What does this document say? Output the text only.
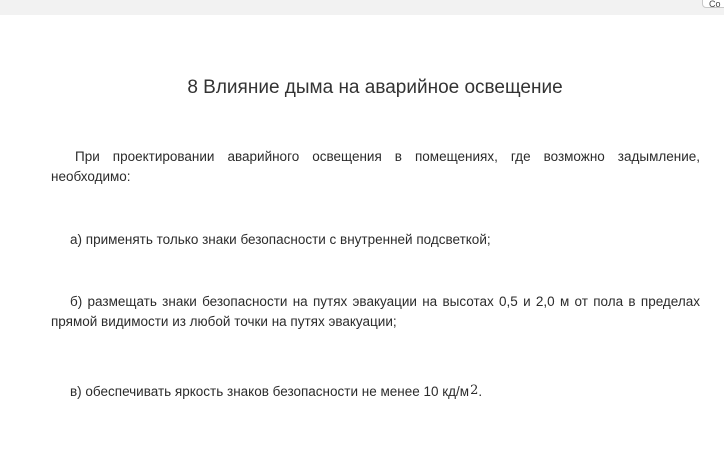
Со
8 Влияние дыма на аварийное освещение

При проектировании аварийного освещения в помещениях, где возможно задымление, необходимо:

а) применять только знаки безопасности с внутренней подсветкой;

б) размещать знаки безопасности на путях эвакуации на высотах 0,5 и 2,0 м от пола в пределах прямой видимости из любой точки на путях эвакуации;

в) обеспечивать яркость знаков безопасности не менее 10 кд/м2.
